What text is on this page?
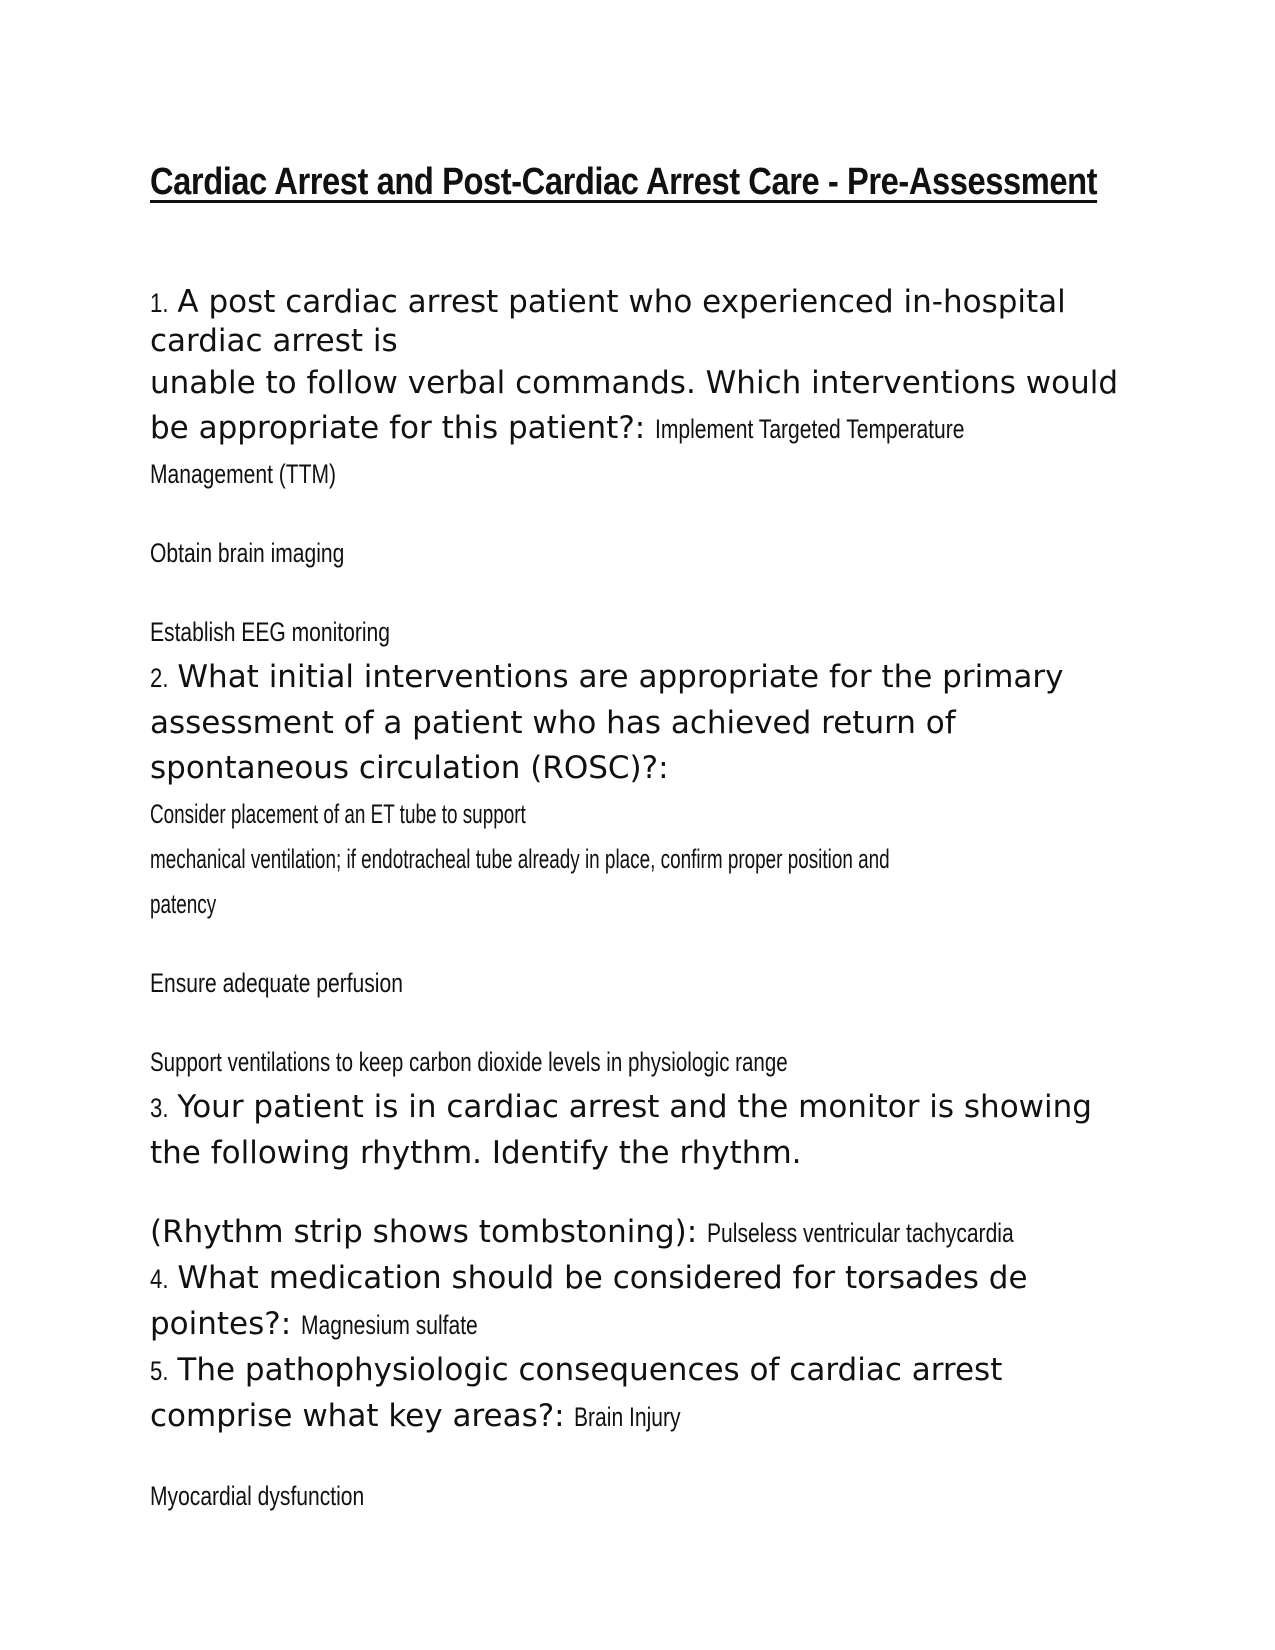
Cardiac Arrest and Post-Cardiac Arrest Care - Pre-Assessment
1. A post cardiac arrest patient who experienced in-hospital
cardiac arrest is
unable to follow verbal commands. Which interventions would
be appropriate for this patient?: Implement Targeted Temperature
Management (TTM)
Obtain brain imaging
Establish EEG monitoring
2. What initial interventions are appropriate for the primary
assessment of a patient who has achieved return of
spontaneous circulation (ROSC)?: Consider placement of an ET tube to support
mechanical ventilation; if endotracheal tube already in place, confirm proper position and
patency
Ensure adequate perfusion
Support ventilations to keep carbon dioxide levels in physiologic range
3. Your patient is in cardiac arrest and the monitor is showing
the following rhythm. Identify the rhythm.
(Rhythm strip shows tombstoning): Pulseless ventricular tachycardia
4. What medication should be considered for torsades de
pointes?: Magnesium sulfate
5. The pathophysiologic consequences of cardiac arrest
comprise what key areas?: Brain Injury
Myocardial dysfunction
